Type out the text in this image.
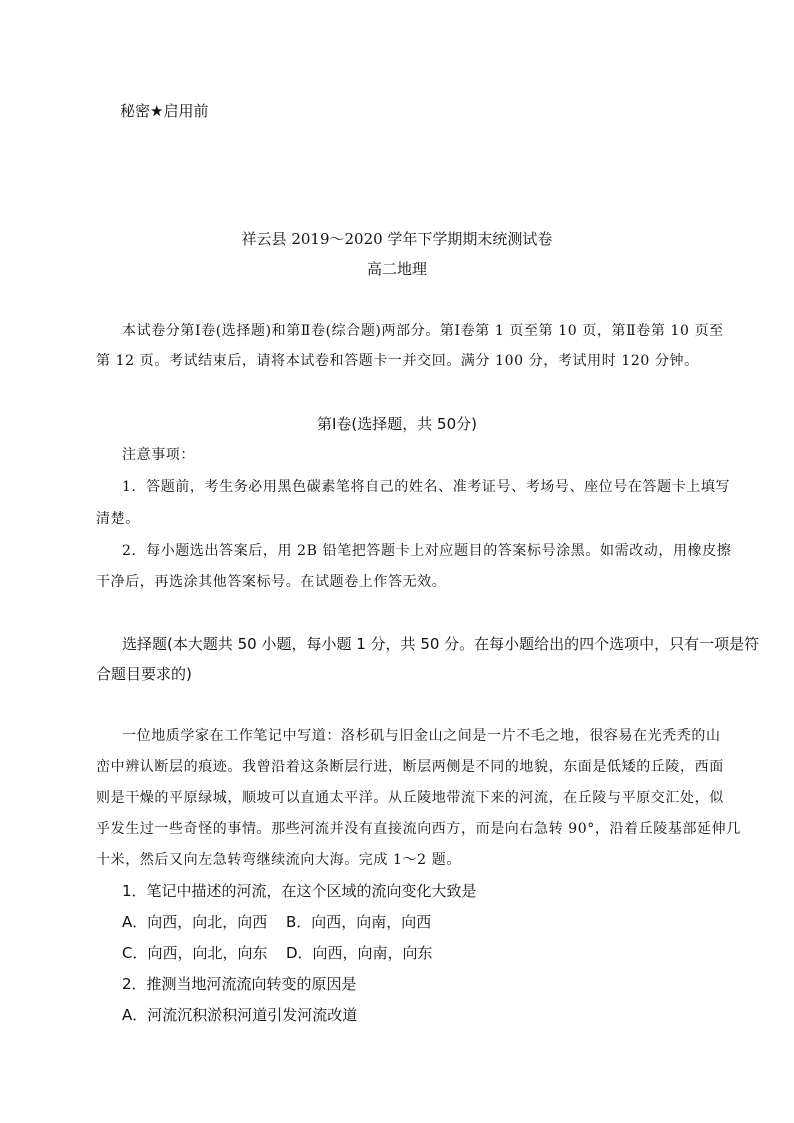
秘密★启用前
祥云县 2019～2020 学年下学期期末统测试卷
高二地理
本试卷分第Ⅰ卷(选择题)和第Ⅱ卷(综合题)两部分。第Ⅰ卷第 1 页至第 10 页，第Ⅱ卷第 10 页至
第 12 页。考试结束后，请将本试卷和答题卡一并交回。满分 100 分，考试用时 120 分钟。
第Ⅰ卷(选择题，共 50分)
注意事项：
1．答题前，考生务必用黑色碳素笔将自己的姓名、准考证号、考场号、座位号在答题卡上填写
清楚。
2．每小题选出答案后，用 2B 铅笔把答题卡上对应题目的答案标号涂黑。如需改动，用橡皮擦
干净后，再选涂其他答案标号。在试题卷上作答无效。
选择题(本大题共 50 小题，每小题 1 分，共 50 分。在每小题给出的四个选项中，只有一项是符
合题目要求的)
一位地质学家在工作笔记中写道：洛杉矶与旧金山之间是一片不毛之地，很容易在光秃秃的山
峦中辨认断层的痕迹。我曾沿着这条断层行进，断层两侧是不同的地貌，东面是低矮的丘陵，西面
则是干燥的平原绿城，顺坡可以直通太平洋。从丘陵地带流下来的河流，在丘陵与平原交汇处，似
乎发生过一些奇怪的事情。那些河流并没有直接流向西方，而是向右急转 90°，沿着丘陵基部延伸几
十米，然后又向左急转弯继续流向大海。完成 1～2 题。
1．笔记中描述的河流，在这个区域的流向变化大致是
A．向西，向北，向西 B．向西，向南，向西
C．向西，向北，向东 D．向西，向南，向东
2．推测当地河流流向转变的原因是
A．河流沉积淤积河道引发河流改道
